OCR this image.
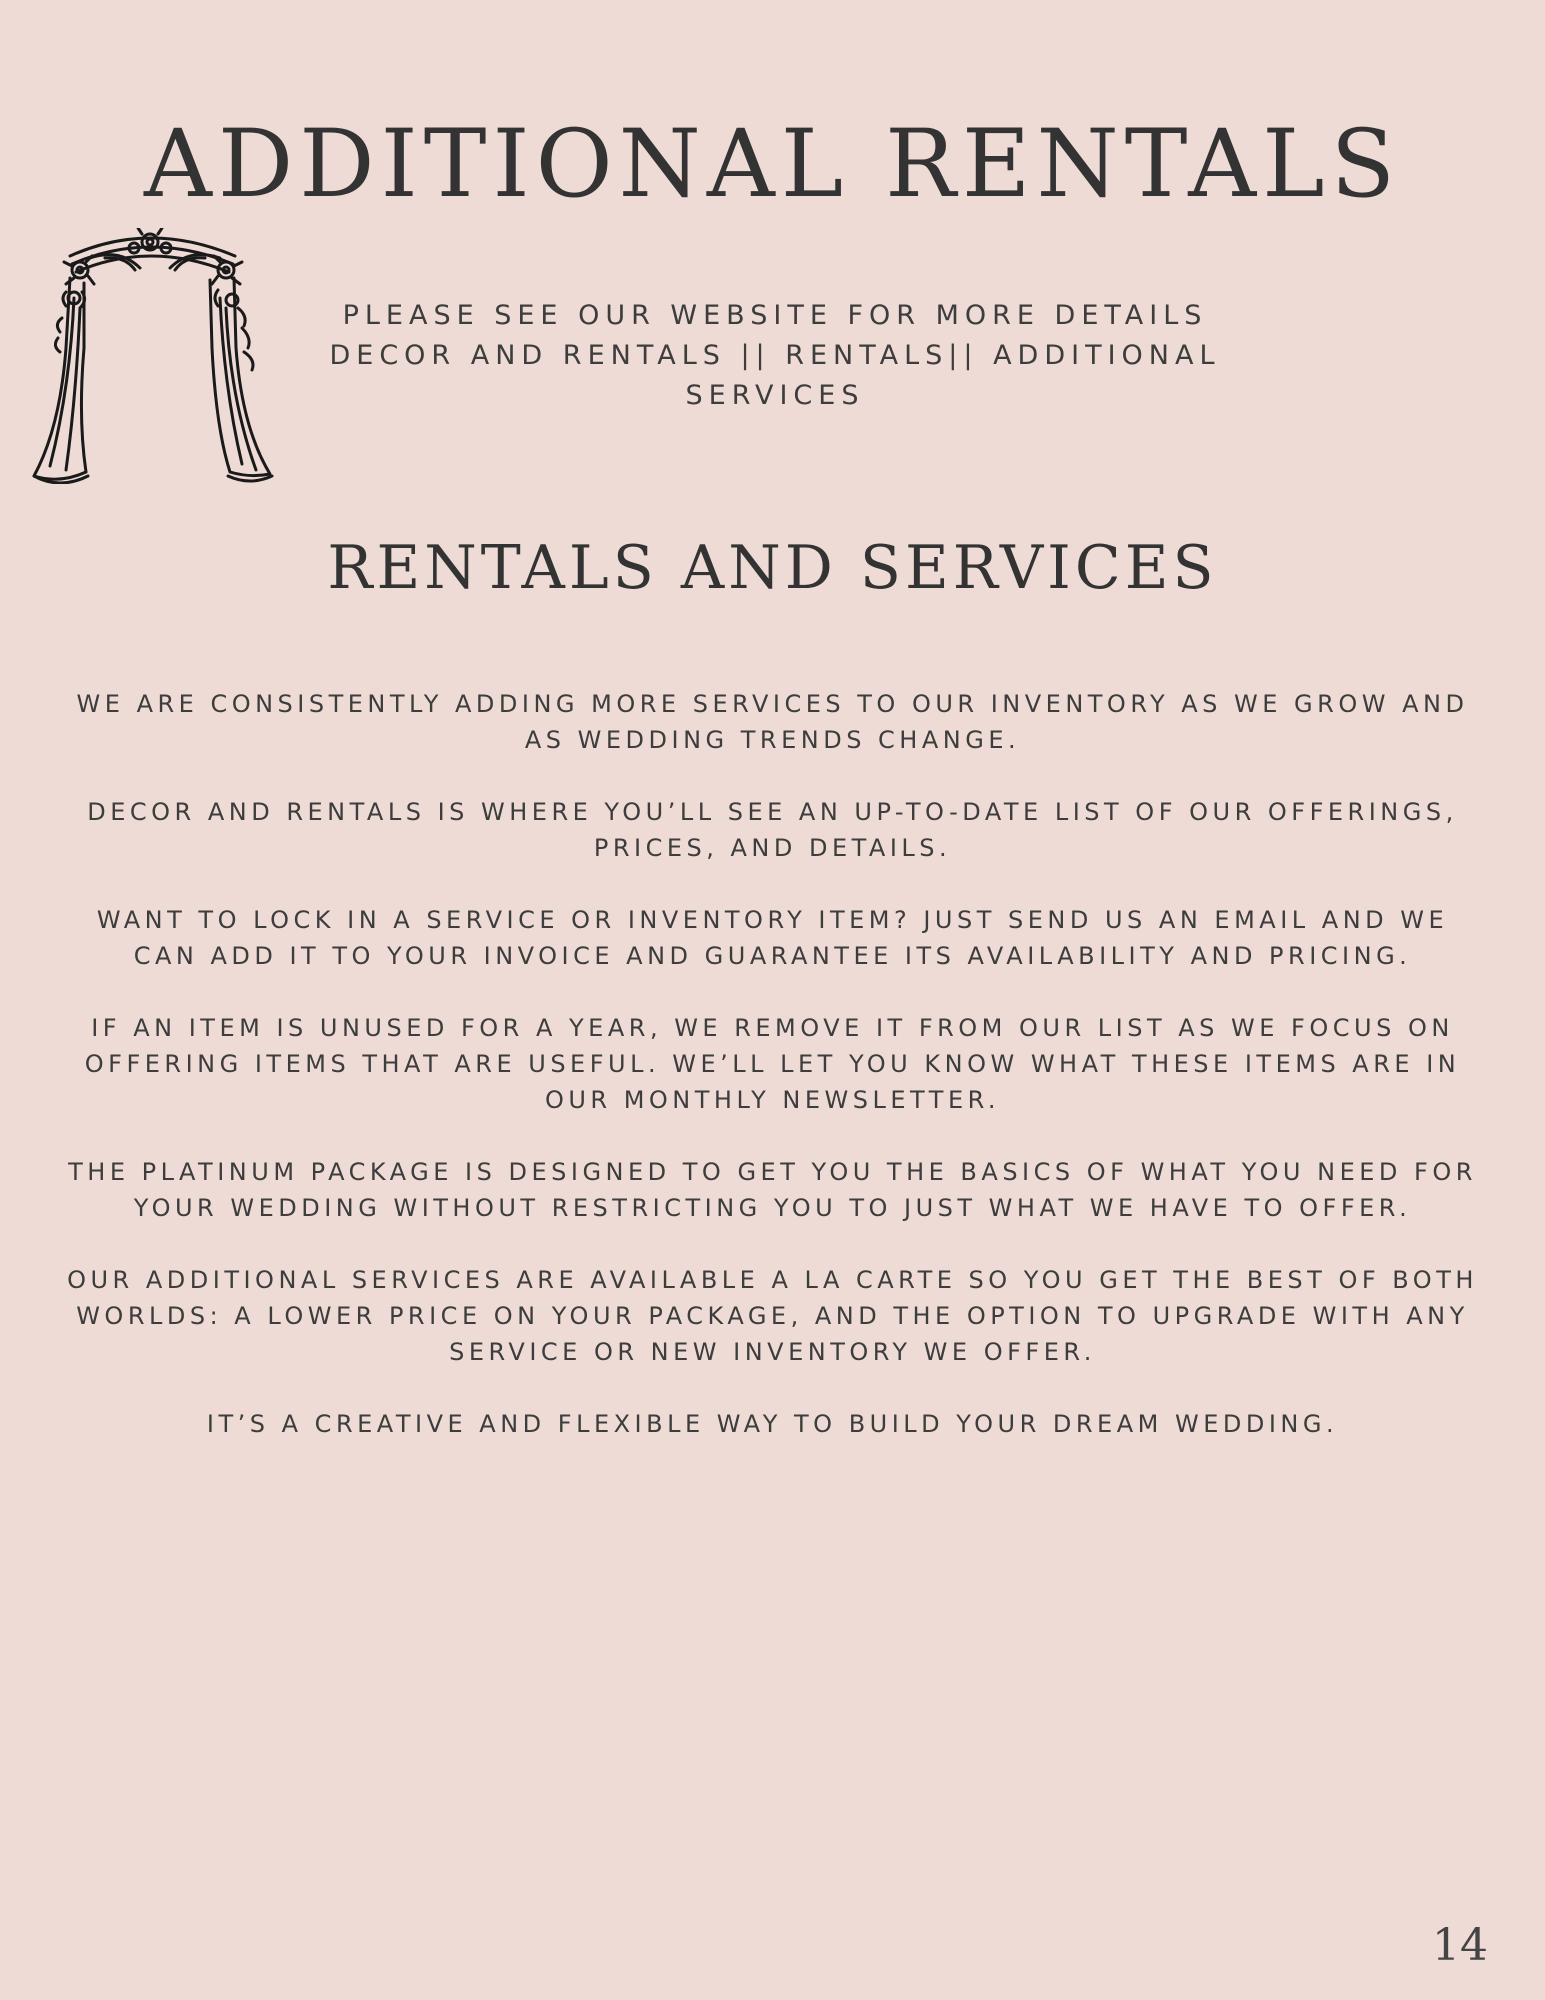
ADDITIONAL RENTALS
PLEASE SEE OUR WEBSITE FOR MORE DETAILS
DECOR AND RENTALS || RENTALS|| ADDITIONAL
SERVICES
RENTALS AND SERVICES

WE ARE CONSISTENTLY ADDING MORE SERVICES TO OUR INVENTORY AS WE GROW AND AS WEDDING TRENDS CHANGE.

DECOR AND RENTALS IS WHERE YOU’LL SEE AN UP-TO-DATE LIST OF OUR OFFERINGS, PRICES, AND DETAILS.

WANT TO LOCK IN A SERVICE OR INVENTORY ITEM? JUST SEND US AN EMAIL AND WE CAN ADD IT TO YOUR INVOICE AND GUARANTEE ITS AVAILABILITY AND PRICING.

IF AN ITEM IS UNUSED FOR A YEAR, WE REMOVE IT FROM OUR LIST AS WE FOCUS ON OFFERING ITEMS THAT ARE USEFUL. WE’LL LET YOU KNOW WHAT THESE ITEMS ARE IN OUR MONTHLY NEWSLETTER.

THE PLATINUM PACKAGE IS DESIGNED TO GET YOU THE BASICS OF WHAT YOU NEED FOR YOUR WEDDING WITHOUT RESTRICTING YOU TO JUST WHAT WE HAVE TO OFFER.

OUR ADDITIONAL SERVICES ARE AVAILABLE A LA CARTE SO YOU GET THE BEST OF BOTH WORLDS: A LOWER PRICE ON YOUR PACKAGE, AND THE OPTION TO UPGRADE WITH ANY SERVICE OR NEW INVENTORY WE OFFER.

IT’S A CREATIVE AND FLEXIBLE WAY TO BUILD YOUR DREAM WEDDING.

14
